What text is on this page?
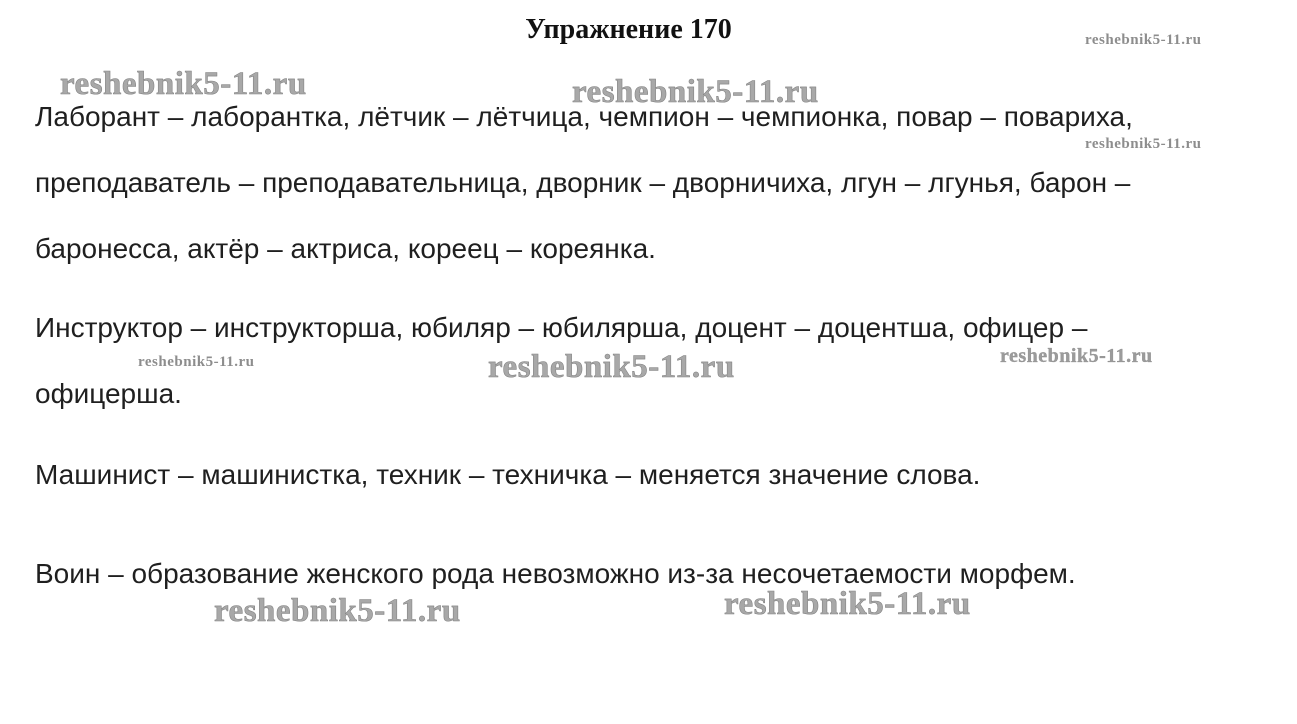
Упражнение 170

Лаборант – лаборантка, лётчик – лётчица, чемпион – чемпионка, повар – повариха, преподаватель – преподавательница, дворник – дворничиха, лгун – лгунья, барон – баронесса, актёр – актриса, кореец – кореянка.

Инструктор – инструкторша, юбиляр – юбилярша, доцент – доцентша, офицер – офицерша.

Машинист – машинистка, техник – техничка – меняется значение слова.

Воин – образование женского рода невозможно из-за несочетаемости морфем.

reshebnik5-11.ru	reshebnik5-11.ru
reshebnik5-11.ru
reshebnik5-11.ru
reshebnik5-11.ru	reshebnik5-11.ru	reshebnik5-11.ru
reshebnik5-11.ru	reshebnik5-11.ru
